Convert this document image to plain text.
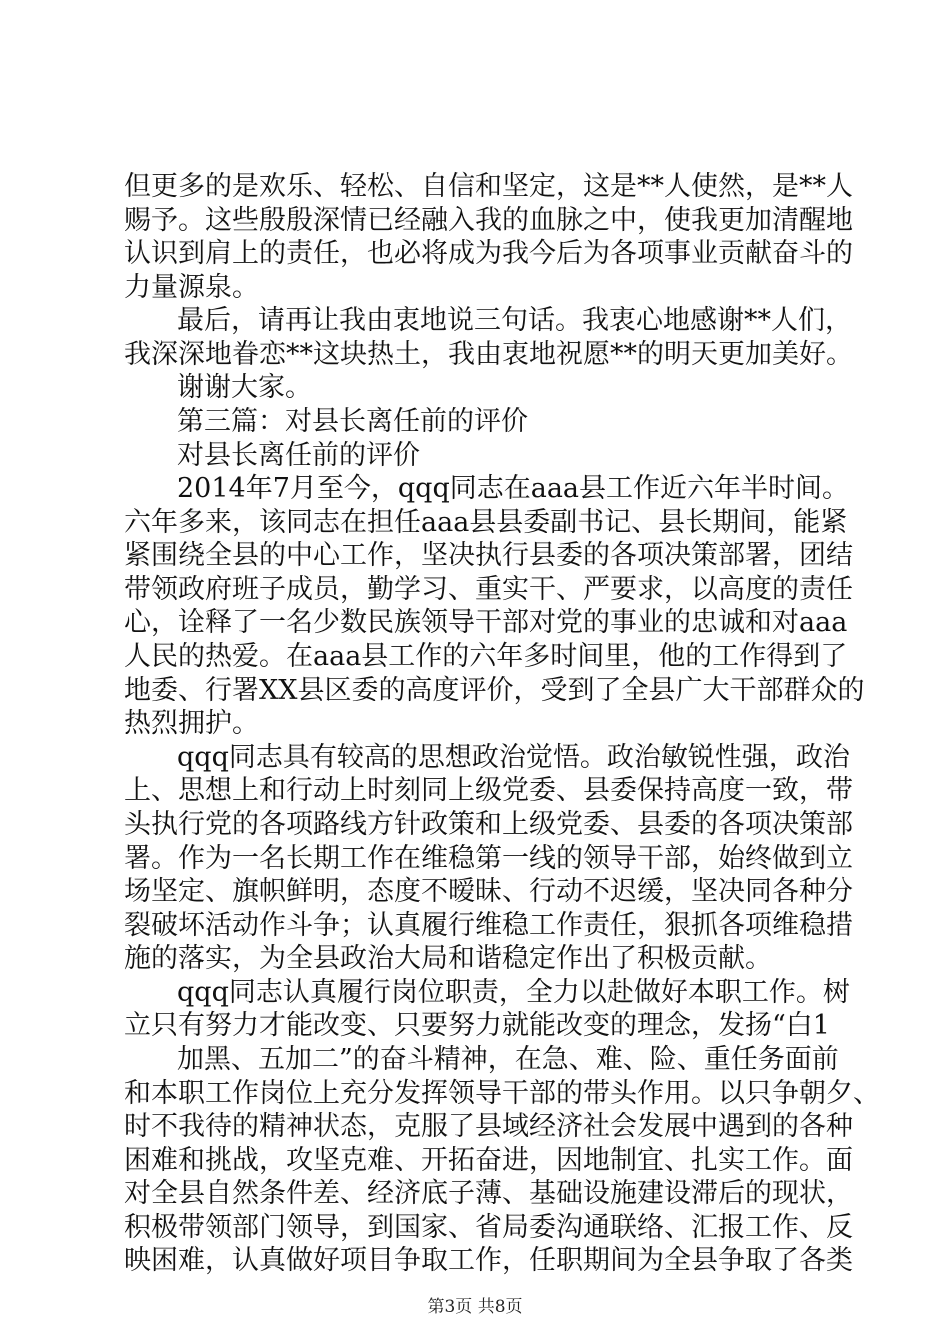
但更多的是欢乐、轻松、自信和坚定，这是**人使然，是**人
赐予。这些殷殷深情已经融入我的血脉之中，使我更加清醒地
认识到肩上的责任，也必将成为我今后为各项事业贡献奋斗的
力量源泉。
最后，请再让我由衷地说三句话。我衷心地感谢**人们，
我深深地眷恋**这块热土，我由衷地祝愿**的明天更加美好。
谢谢大家。
第三篇：对县长离任前的评价
对县长离任前的评价
2014年7月至今，qqq同志在aaa县工作近六年半时间。
六年多来，该同志在担任aaa县县委副书记、县长期间，能紧
紧围绕全县的中心工作，坚决执行县委的各项决策部署，团结
带领政府班子成员，勤学习、重实干、严要求，以高度的责任
心，诠释了一名少数民族领导干部对党的事业的忠诚和对aaa
人民的热爱。在aaa县工作的六年多时间里，他的工作得到了
地委、行署XX县区委的高度评价，受到了全县广大干部群众的
热烈拥护。
qqq同志具有较高的思想政治觉悟。政治敏锐性强，政治
上、思想上和行动上时刻同上级党委、县委保持高度一致，带
头执行党的各项路线方针政策和上级党委、县委的各项决策部
署。作为一名长期工作在维稳第一线的领导干部，始终做到立
场坚定、旗帜鲜明，态度不暧昧、行动不迟缓，坚决同各种分
裂破坏活动作斗争；认真履行维稳工作责任，狠抓各项维稳措
施的落实，为全县政治大局和谐稳定作出了积极贡献。
qqq同志认真履行岗位职责，全力以赴做好本职工作。树
立只有努力才能改变、只要努力就能改变的理念，发扬“白1
加黑、五加二”的奋斗精神，在急、难、险、重任务面前
和本职工作岗位上充分发挥领导干部的带头作用。以只争朝夕、
时不我待的精神状态，克服了县域经济社会发展中遇到的各种
困难和挑战，攻坚克难、开拓奋进，因地制宜、扎实工作。面
对全县自然条件差、经济底子薄、基础设施建设滞后的现状，
积极带领部门领导，到国家、省局委沟通联络、汇报工作、反
映困难，认真做好项目争取工作，任职期间为全县争取了各类
第3页 共8页
